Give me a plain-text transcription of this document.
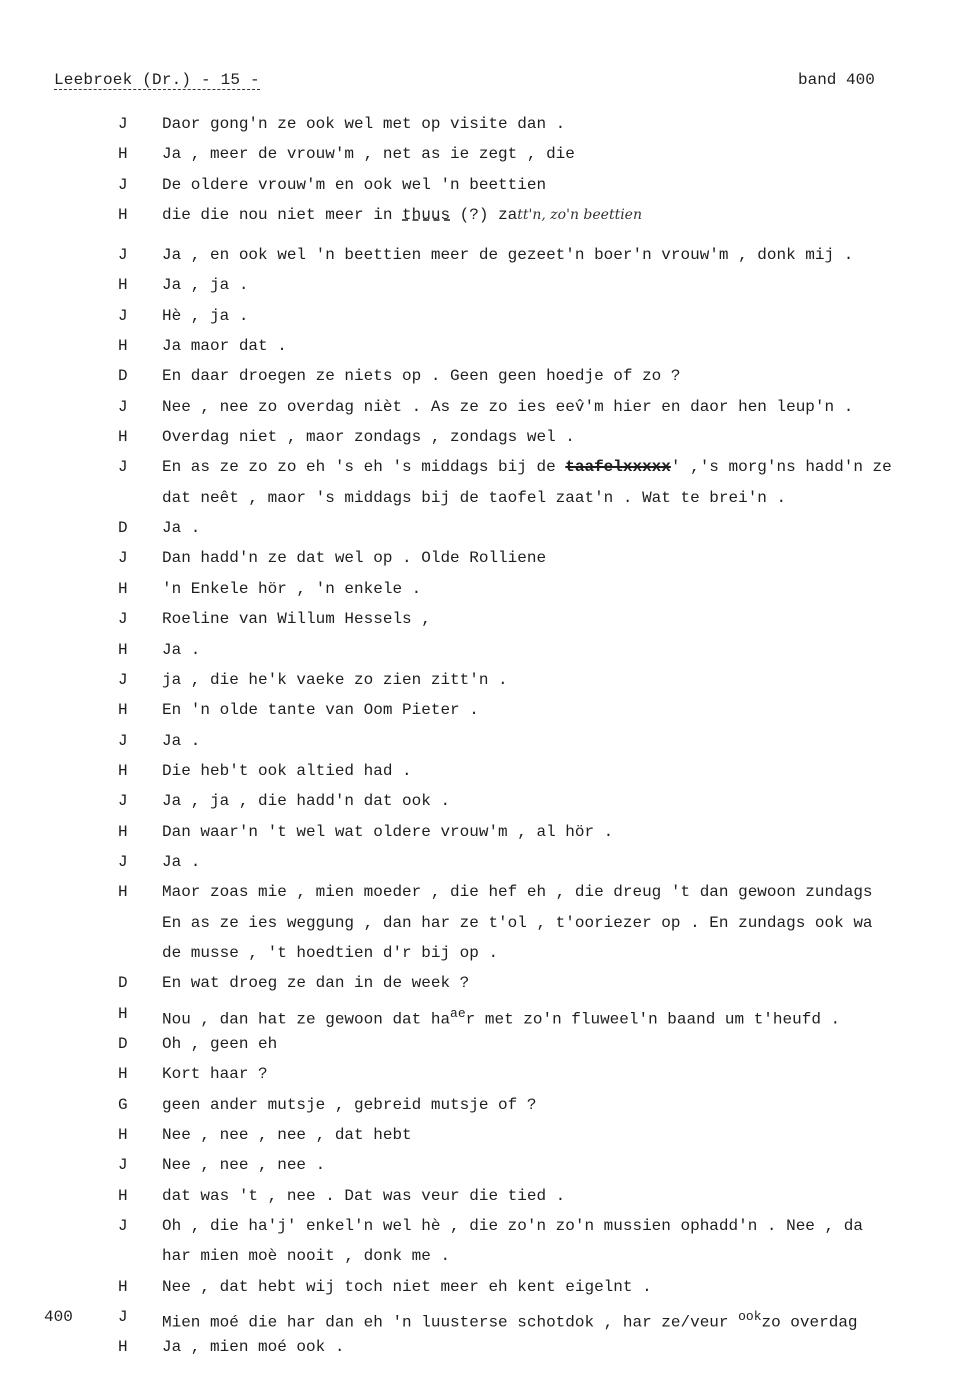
Leebroek (Dr.) - 15 -	band 400
J	Daor gong'n ze ook wel met op visite dan .
H	Ja , meer de vrouw'm , net as ie zegt , die
J	De oldere vrouw'm en ook wel 'n beettien
H	die die nou niet meer in thuus (?) zatt'n, zo'n beettien
J	Ja , en ook wel 'n beettien meer de gezeet'n boer'n vrouw'm , donk mij .
H	Ja , ja .
J	Hè , ja .
H	Ja maor dat .
D	En daar droegen ze niets op . Geen geen hoedje of zo ?
J	Nee , nee zo overdag nièt . As ze zo ies eev̂'m hier en daor hen leup'n .
H	Overdag niet , maor zondags , zondags wel .
J	En as ze zo zo eh 's eh 's middags bij de taafelxxxxx' ,'s morg'ns hadd'n ze
dat neêt , maor 's middags bij de taofel zaat'n . Wat te brei'n .
D	Ja .
J	Dan hadd'n ze dat wel op . Olde Rolliene
H	'n Enkele hör , 'n enkele .
J	Roeline van Willum Hessels ,
H	Ja .
J	ja , die he'k vaeke zo zien zitt'n .
H	En 'n olde tante van Oom Pieter .
J	Ja .
H	Die heb't ook altied had .
J	Ja , ja , die hadd'n dat ook .
H	Dan waar'n 't wel wat oldere vrouw'm , al hör .
J	Ja .
H	Maor zoas mie , mien moeder , die hef eh , die dreug 't dan gewoon zundags
En as ze ies weggung , dan har ze t'ol , t'ooriezer op . En zundags ook wa
de musse , 't hoedtien d'r bij op .
D	En wat droeg ze dan in de week ?
H	Nou , dan hat ze gewoon dat $ha^{ae}r$ met zo'n fluweel'n baand um t'heufd .
D	Oh , geen eh
H	Kort haar ?
G	geen ander mutsje , gebreid mutsje of ?
H	Nee , nee , nee , dat hebt
J	Nee , nee , nee .
H	dat was 't , nee . Dat was veur die tied .
J	Oh , die ha'j' enkel'n wel hè , die zo'n zo'n mussien ophadd'n . Nee , da
har mien moè nooit , donk me .
H	Nee , dat hebt wij toch niet meer eh kent eigelnt .
400	J	Mien moé die har dan eh 'n luusterse schotdok , har ze/veur $^{ook}$zo overdag
H	Ja , mien moé ook .
